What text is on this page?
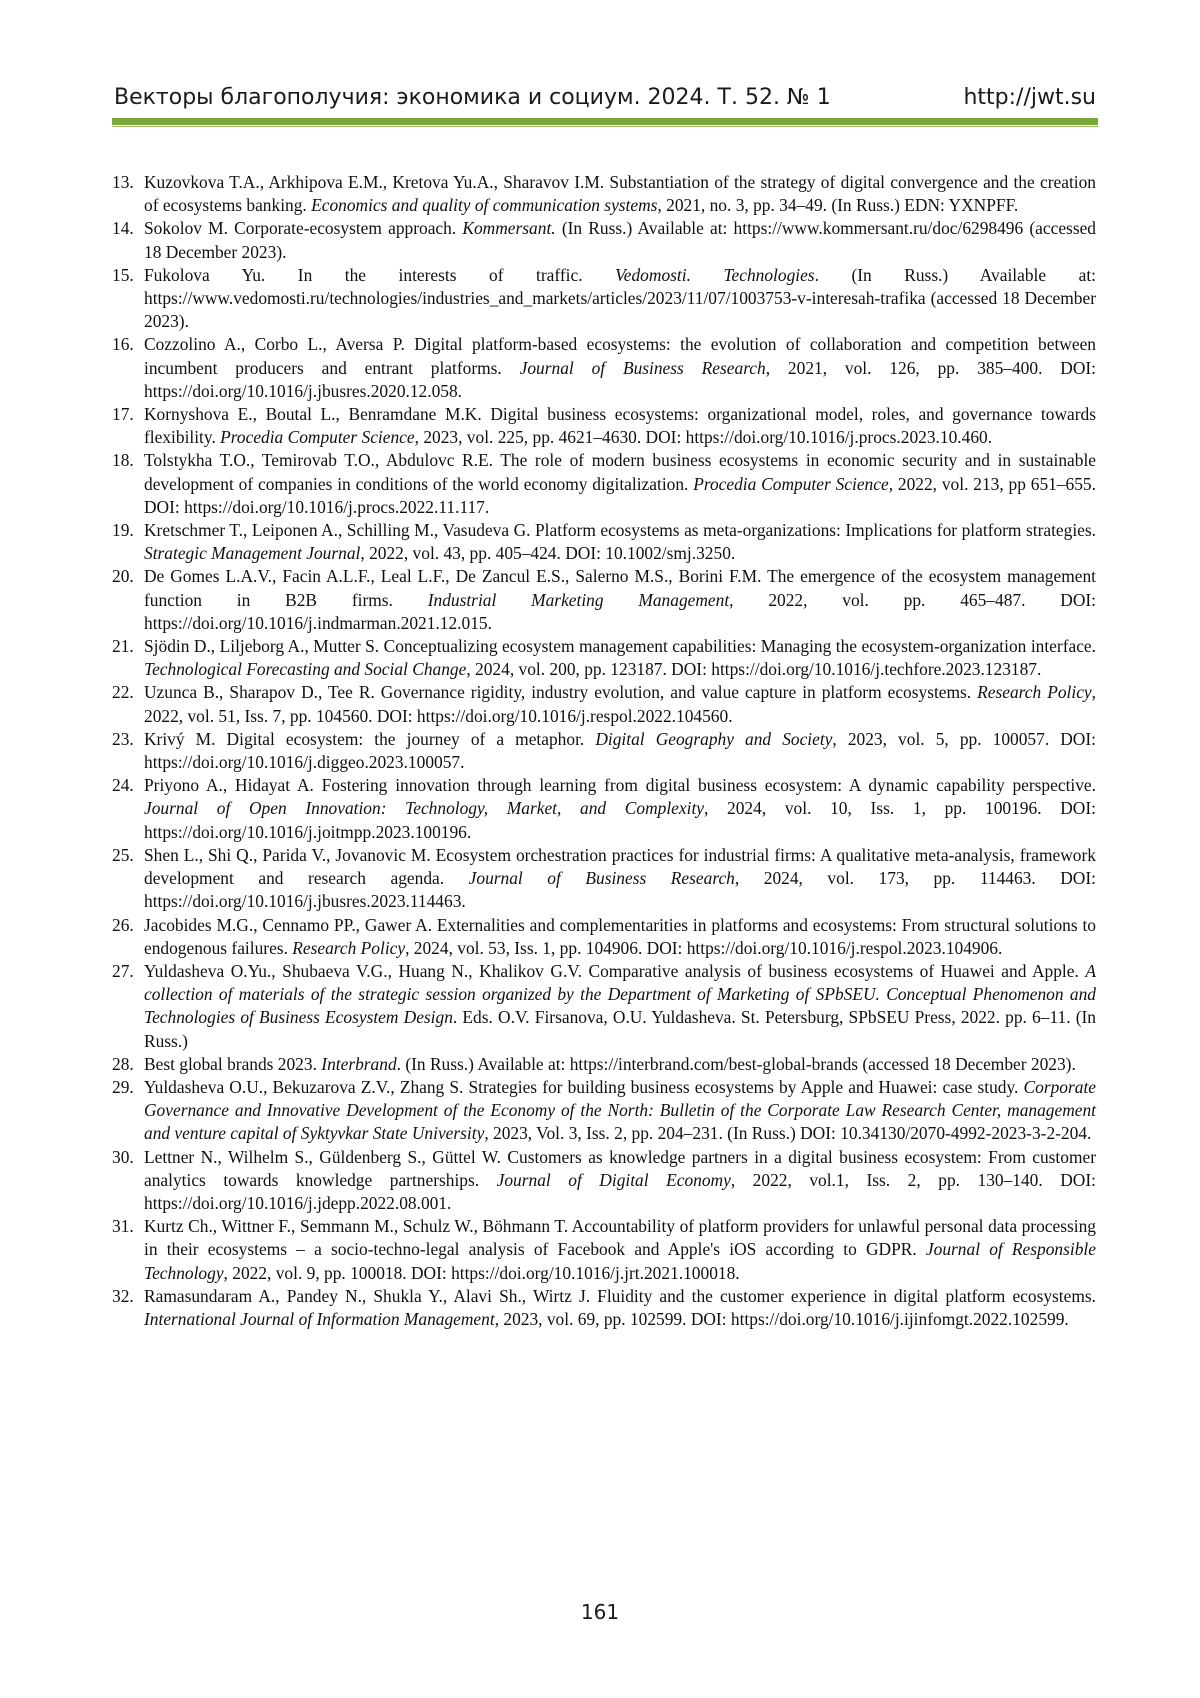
Векторы благополучия: экономика и социум. 2024. Т. 52. № 1	http://jwt.su
13. Kuzovkova T.A., Arkhipova E.M., Kretova Yu.A., Sharavov I.M. Substantiation of the strategy of digital convergence and the creation of ecosystems banking. Economics and quality of communication systems, 2021, no. 3, pp. 34–49. (In Russ.) EDN: YXNPFF.
14. Sokolov M. Corporate-ecosystem approach. Kommersant. (In Russ.) Available at: https://www.kommersant.ru/doc/6298496 (accessed 18 December 2023).
15. Fukolova Yu. In the interests of traffic. Vedomosti. Technologies. (In Russ.) Available at: https://www.vedomosti.ru/technologies/industries_and_markets/articles/2023/11/07/1003753-v-interesah-trafika (accessed 18 December 2023).
16. Cozzolino A., Corbo L., Aversa P. Digital platform-based ecosystems: the evolution of collaboration and competition between incumbent producers and entrant platforms. Journal of Business Research, 2021, vol. 126, pp. 385–400. DOI: https://doi.org/10.1016/j.jbusres.2020.12.058.
17. Kornyshova E., Boutal L., Benramdane M.K. Digital business ecosystems: organizational model, roles, and governance towards flexibility. Procedia Computer Science, 2023, vol. 225, pp. 4621–4630. DOI: https://doi.org/10.1016/j.procs.2023.10.460.
18. Tolstykha T.O., Temirovab T.O., Abdulovc R.E. The role of modern business ecosystems in economic security and in sustainable development of companies in conditions of the world economy digitalization. Procedia Computer Science, 2022, vol. 213, pp 651–655. DOI: https://doi.org/10.1016/j.procs.2022.11.117.
19. Kretschmer T., Leiponen A., Schilling M., Vasudeva G. Platform ecosystems as meta-organizations: Implications for platform strategies. Strategic Management Journal, 2022, vol. 43, pp. 405–424. DOI: 10.1002/smj.3250.
20. De Gomes L.A.V., Facin A.L.F., Leal L.F., De Zancul E.S., Salerno M.S., Borini F.M. The emergence of the ecosystem management function in B2B firms. Industrial Marketing Management, 2022, vol. pp. 465–487. DOI: https://doi.org/10.1016/j.indmarman.2021.12.015.
21. Sjödin D., Liljeborg A., Mutter S. Conceptualizing ecosystem management capabilities: Managing the ecosystem-organization interface. Technological Forecasting and Social Change, 2024, vol. 200, pp. 123187. DOI: https://doi.org/10.1016/j.techfore.2023.123187.
22. Uzunca B., Sharapov D., Tee R. Governance rigidity, industry evolution, and value capture in platform ecosystems. Research Policy, 2022, vol. 51, Iss. 7, pp. 104560. DOI: https://doi.org/10.1016/j.respol.2022.104560.
23. Krivý M. Digital ecosystem: the journey of a metaphor. Digital Geography and Society, 2023, vol. 5, pp. 100057. DOI: https://doi.org/10.1016/j.diggeo.2023.100057.
24. Priyono A., Hidayat A. Fostering innovation through learning from digital business ecosystem: A dynamic capability perspective. Journal of Open Innovation: Technology, Market, and Complexity, 2024, vol. 10, Iss. 1, pp. 100196. DOI: https://doi.org/10.1016/j.joitmpp.2023.100196.
25. Shen L., Shi Q., Parida V., Jovanovic M. Ecosystem orchestration practices for industrial firms: A qualitative meta-analysis, framework development and research agenda. Journal of Business Research, 2024, vol. 173, pp. 114463. DOI: https://doi.org/10.1016/j.jbusres.2023.114463.
26. Jacobides M.G., Cennamo PP., Gawer A. Externalities and complementarities in platforms and ecosystems: From structural solutions to endogenous failures. Research Policy, 2024, vol. 53, Iss. 1, pp. 104906. DOI: https://doi.org/10.1016/j.respol.2023.104906.
27. Yuldasheva O.Yu., Shubaeva V.G., Huang N., Khalikov G.V. Comparative analysis of business ecosystems of Huawei and Apple. A collection of materials of the strategic session organized by the Department of Marketing of SPbSEU. Conceptual Phenomenon and Technologies of Business Ecosystem Design. Eds. O.V. Firsanova, O.U. Yuldasheva. St. Petersburg, SPbSEU Press, 2022. pp. 6–11. (In Russ.)
28. Best global brands 2023. Interbrand. (In Russ.) Available at: https://interbrand.com/best-global-brands (accessed 18 December 2023).
29. Yuldasheva O.U., Bekuzarova Z.V., Zhang S. Strategies for building business ecosystems by Apple and Huawei: case study. Corporate Governance and Innovative Development of the Economy of the North: Bulletin of the Corporate Law Research Center, management and venture capital of Syktyvkar State University, 2023, Vol. 3, Iss. 2, pp. 204–231. (In Russ.) DOI: 10.34130/2070-4992-2023-3-2-204.
30. Lettner N., Wilhelm S., Güldenberg S., Güttel W. Customers as knowledge partners in a digital business ecosystem: From customer analytics towards knowledge partnerships. Journal of Digital Economy, 2022, vol.1, Iss. 2, pp. 130–140. DOI: https://doi.org/10.1016/j.jdepp.2022.08.001.
31. Kurtz Ch., Wittner F., Semmann M., Schulz W., Böhmann T. Accountability of platform providers for unlawful personal data processing in their ecosystems – a socio-techno-legal analysis of Facebook and Apple's iOS according to GDPR. Journal of Responsible Technology, 2022, vol. 9, pp. 100018. DOI: https://doi.org/10.1016/j.jrt.2021.100018.
32. Ramasundaram A., Pandey N., Shukla Y., Alavi Sh., Wirtz J. Fluidity and the customer experience in digital platform ecosystems. International Journal of Information Management, 2023, vol. 69, pp. 102599. DOI: https://doi.org/10.1016/j.ijinfomgt.2022.102599.
161
